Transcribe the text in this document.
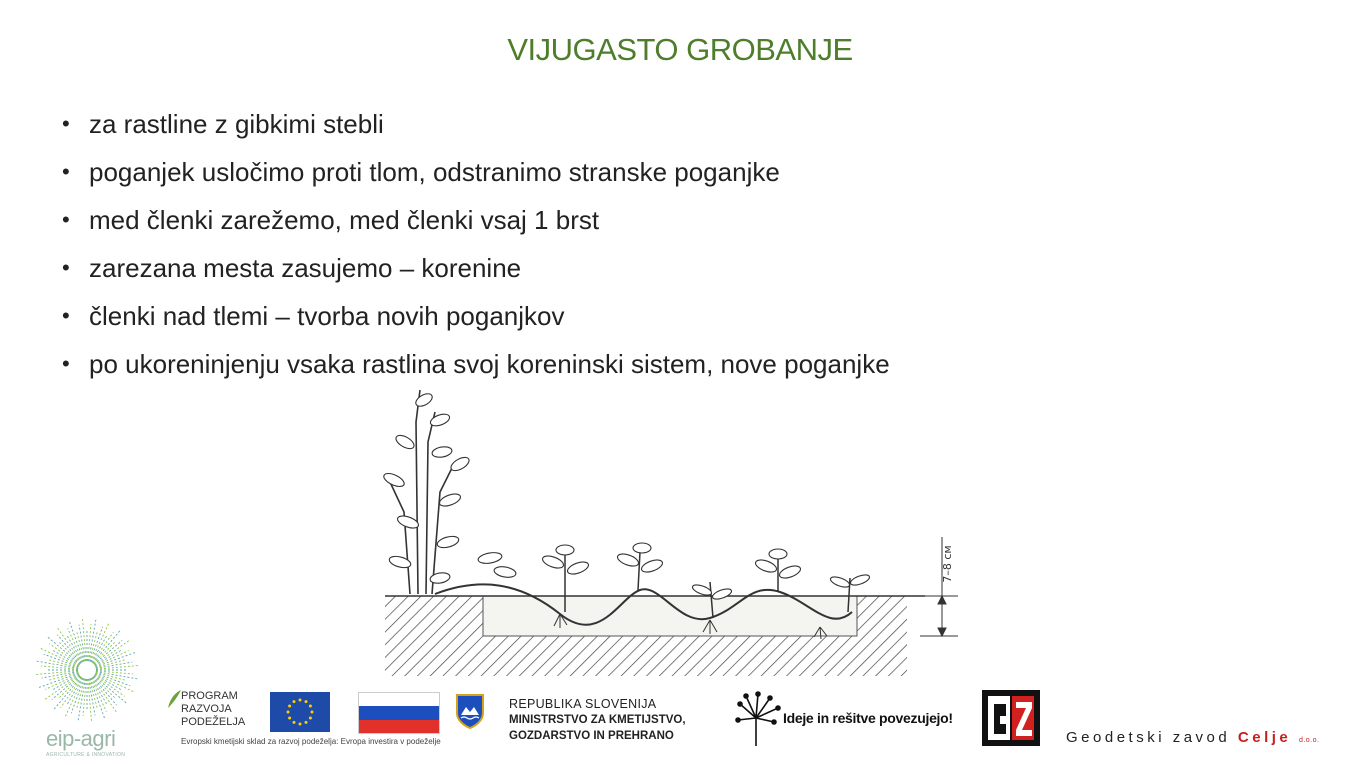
VIJUGASTO GROBANJE
• za rastline z gibkimi stebli
• poganjek usločimo proti tlom, odstranimo stranske poganjke
• med členki zarežemo, med členki vsaj 1 brst
• zarezana mesta zasujemo – korenine
• členki nad tlemi – tvorba novih poganjkov
• po ukoreninjenju vsaka rastlina svoj koreninski sistem, nove poganjke
7–8 см
eip-agri
AGRICULTURE & INNOVATION
PROGRAM
RAZVOJA
PODEŽELJA
Evropski kmetijski sklad za razvoj podeželja: Evropa investira v podeželje
REPUBLIKA SLOVENIJA
MINISTRSTVO ZA KMETIJSTVO,
GOZDARSTVO IN PREHRANO
Ideje in rešitve povezujejo!
Geodetski zavod Celje d.o.o.
